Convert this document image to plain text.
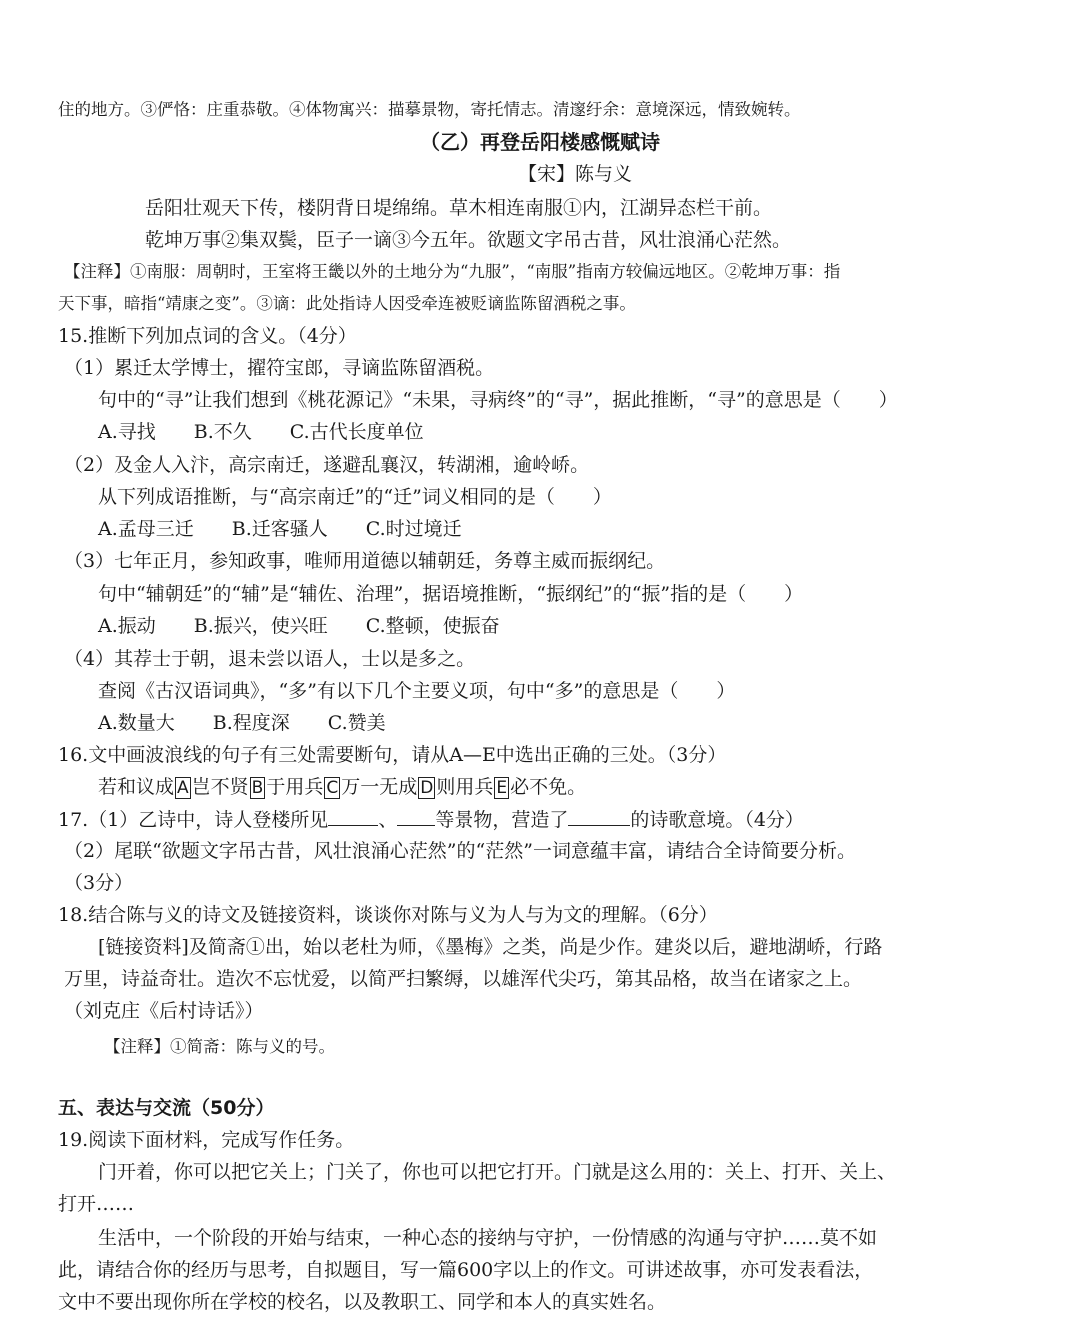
住的地方。③俨恪：庄重恭敬。④体物寓兴：描摹景物，寄托情志。清邃纡余：意境深远，情致婉转。
（乙）再登岳阳楼感慨赋诗
【宋】陈与义
岳阳壮观天下传，楼阴背日堤绵绵。草木相连南服①内，江湖异态栏干前。
乾坤万事②集双鬓，臣子一谪③今五年。欲题文字吊古昔，风壮浪涌心茫然。
【注释】①南服：周朝时，王室将王畿以外的土地分为“九服”，“南服”指南方较偏远地区。②乾坤万事：指
天下事，暗指“靖康之变”。③谪：此处指诗人因受牵连被贬谪监陈留酒税之事。
15.推断下列加点词的含义。（4分）
（1）累迁太学博士，擢符宝郎，寻谪监陈留酒税。
句中的“寻”让我们想到《桃花源记》“未果，寻病终”的“寻”，据此推断，“寻”的意思是（　　）
A.寻找　　B.不久　　C.古代长度单位
（2）及金人入汴，高宗南迁，遂避乱襄汉，转湖湘，逾岭峤。
从下列成语推断，与“高宗南迁”的“迁”词义相同的是（　　）
A.孟母三迁　　B.迁客骚人　　C.时过境迁
（3）七年正月，参知政事，唯师用道德以辅朝廷，务尊主威而振纲纪。
句中“辅朝廷”的“辅”是“辅佐、治理”，据语境推断，“振纲纪”的“振”指的是（　　）
A.振动　　B.振兴，使兴旺　　C.整顿，使振奋
（4）其荐士于朝，退未尝以语人，士以是多之。
查阅《古汉语词典》，“多”有以下几个主要义项，句中“多”的意思是（　　）
A.数量大　　B.程度深　　C.赞美
16.文中画波浪线的句子有三处需要断句，请从A—E中选出正确的三处。（3分）
若和议成 A 岂不贤 B 于用兵 C 万一无成 D 则用兵 E 必不免。
17.（1）乙诗中，诗人登楼所见	、 等景物，营造了	的诗歌意境。（4分）
（2）尾联“欲题文字吊古昔，风壮浪涌心茫然”的“茫然”一词意蕴丰富，请结合全诗简要分析。
（3分）
18.结合陈与义的诗文及链接资料，谈谈你对陈与义为人与为文的理解。（6分）
[链接资料]及简斋①出，始以老杜为师，《墨梅》之类，尚是少作。建炎以后，避地湖峤，行路
万里，诗益奇壮。造次不忘忧爱，以简严扫繁缛，以雄浑代尖巧，第其品格，故当在诸家之上。
（刘克庄《后村诗话》）
【注释】①简斋：陈与义的号。
五、表达与交流（50分）
19.阅读下面材料，完成写作任务。
门开着，你可以把它关上；门关了，你也可以把它打开。门就是这么用的：关上、打开、关上、
打开……
生活中，一个阶段的开始与结束，一种心态的接纳与守护，一份情感的沟通与守护……莫不如
此，请结合你的经历与思考，自拟题目，写一篇600字以上的作文。可讲述故事，亦可发表看法，
文中不要出现你所在学校的校名，以及教职工、同学和本人的真实姓名。
